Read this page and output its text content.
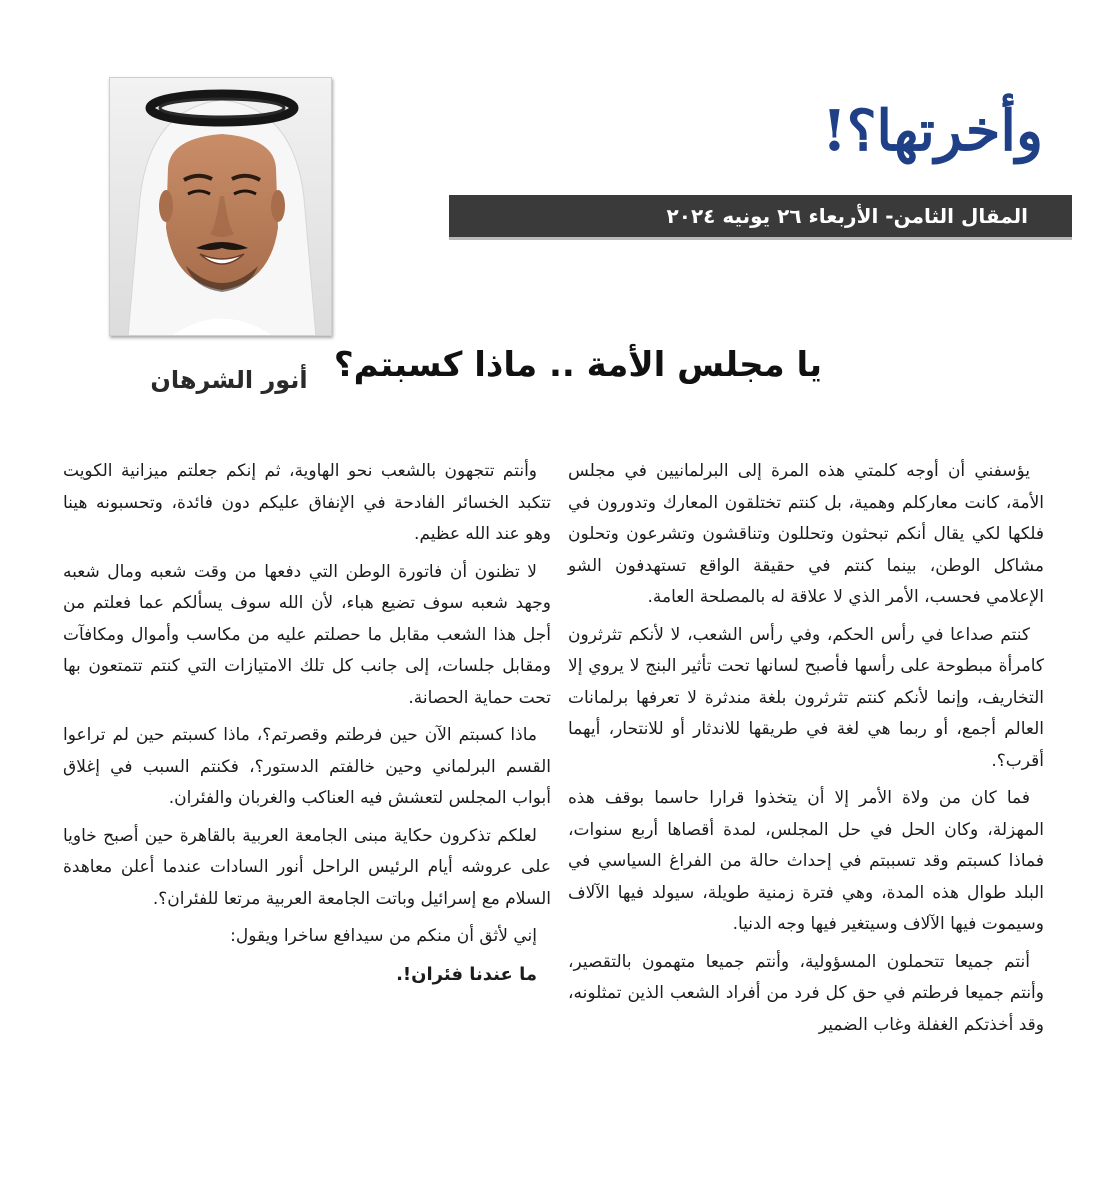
وأخرتها؟!
المقال الثامن- الأربعاء ٢٦ يونيه ٢٠٢٤
أنور الشرهان يا مجلس الأمة .. ماذا كسبتم؟

يؤسفني أن أوجه كلمتي هذه المرة إلى البرلمانيين في مجلس الأمة، كانت معاركلم وهمية، بل كنتم تختلقون المعارك وتدورون في فلكها لكي يقال أنكم تبحثون وتحللون وتناقشون وتشرعون وتحلون مشاكل الوطن، بينما كنتم في حقيقة الواقع تستهدفون الشو الإعلامي فحسب، الأمر الذي لا علاقة له بالمصلحة العامة.

كنتم صداعا في رأس الحكم، وفي رأس الشعب، لا لأنكم تثرثرون كامرأة مبطوحة على رأسها فأصبح لسانها تحت تأثير البنج لا يروي إلا التخاريف، وإنما لأنكم كنتم تثرثرون بلغة مندثرة لا تعرفها برلمانات العالم أجمع، أو ربما هي لغة في طريقها للاندثار أو للانتحار، أيهما أقرب؟.

فما كان من ولاة الأمر إلا أن يتخذوا قرارا حاسما بوقف هذه المهزلة، وكان الحل في حل المجلس، لمدة أقصاها أربع سنوات، فماذا كسبتم وقد تسببتم في إحداث حالة من الفراغ السياسي في البلد طوال هذه المدة، وهي فترة زمنية طويلة، سيولد فيها الآلاف وسيموت فيها الآلاف وسيتغير فيها وجه الدنيا.

أنتم جميعا تتحملون المسؤولية، وأنتم جميعا متهمون بالتقصير، وأنتم جميعا فرطتم في حق كل فرد من أفراد الشعب الذين تمثلونه، وقد أخذتكم الغفلة وغاب الضمير

وأنتم تتجهون بالشعب نحو الهاوية، ثم إنكم جعلتم ميزانية الكويت تتكبد الخسائر الفادحة في الإنفاق عليكم دون فائدة، وتحسبونه هينا وهو عند الله عظيم.

لا تظنون أن فاتورة الوطن التي دفعها من وقت شعبه ومال شعبه وجهد شعبه سوف تضيع هباء، لأن الله سوف يسألكم عما فعلتم من أجل هذا الشعب مقابل ما حصلتم عليه من مكاسب وأموال ومكافآت ومقابل جلسات، إلى جانب كل تلك الامتيازات التي كنتم تتمتعون بها تحت حماية الحصانة.

ماذا كسبتم الآن حين فرطتم وقصرتم؟، ماذا كسبتم حين لم تراعوا القسم البرلماني وحين خالفتم الدستور؟، فكنتم السبب في إغلاق أبواب المجلس لتعشش فيه العناكب والغربان والفئران.

لعلكم تذكرون حكاية مبنى الجامعة العربية بالقاهرة حين أصبح خاويا على عروشه أيام الرئيس الراحل أنور السادات عندما أعلن معاهدة السلام مع إسرائيل وباتت الجامعة العربية مرتعا للفئران؟.

إني لأثق أن منكم من سيدافع ساخرا ويقول:

ما عندنا فئران!.
